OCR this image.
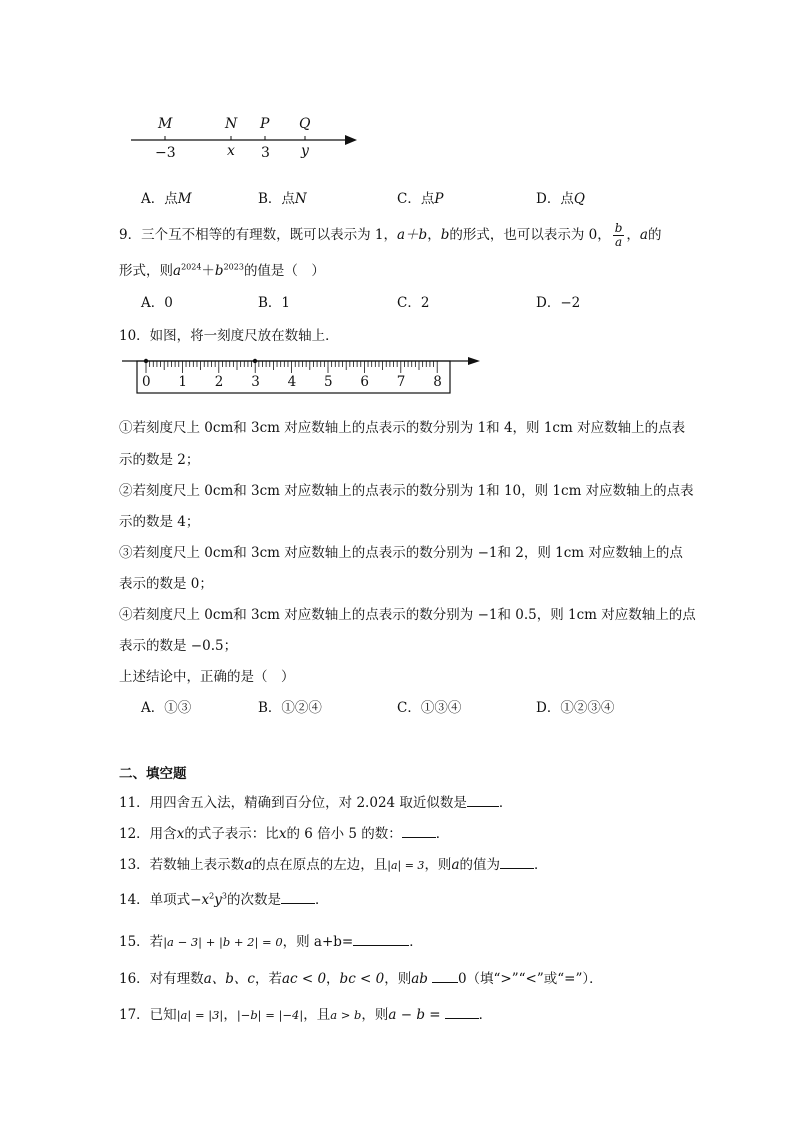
M	N P Q
−3	x 3 y
A．点M	B．点N	C．点P	D．点Q
9．三个互不相等的有理数，既可以表示为 1，a＋b，b的形式，也可以表示为 0， $\frac{b}{a}$ ，a的
形式，则$a^{2024}+b^{2023}$的值是（　）
A．0	B．1	C．2	D．−2
10．如图，将一刻度尺放在数轴上．
0 1 2 3 4 5 6 7 8
①若刻度尺上 0cm和 3cm 对应数轴上的点表示的数分别为 1和 4，则 1cm 对应数轴上的点表
示的数是 2；
②若刻度尺上 0cm和 3cm 对应数轴上的点表示的数分别为 1和 10，则 1cm 对应数轴上的点表
示的数是 4；
③若刻度尺上 0cm和 3cm 对应数轴上的点表示的数分别为 −1和 2，则 1cm 对应数轴上的点
表示的数是 0；
④若刻度尺上 0cm和 3cm 对应数轴上的点表示的数分别为 −1和 0.5，则 1cm 对应数轴上的点
表示的数是 −0.5；
上述结论中，正确的是（　）
A．①③	B．①②④	C．①③④	D．①②③④
二、填空题
11．用四舍五入法，精确到百分位，对 2.024 取近似数是 ．
12．用含x的式子表示：比x的 6 倍小 5 的数：	．
13．若数轴上表示数a的点在原点的左边，且|a| = 3，则a的值为	．
14．单项式$-x^2y^3$的次数是	．
15．若|a − 3| + |b + 2| = 0，则 a+b=	．
16．对有理数a、b、c，若ac < 0，bc < 0，则ab 0（填“>”“<”或“=”）．
17．已知|a| = |3|，|−b| = |−4|，且a > b，则a − b =	．
